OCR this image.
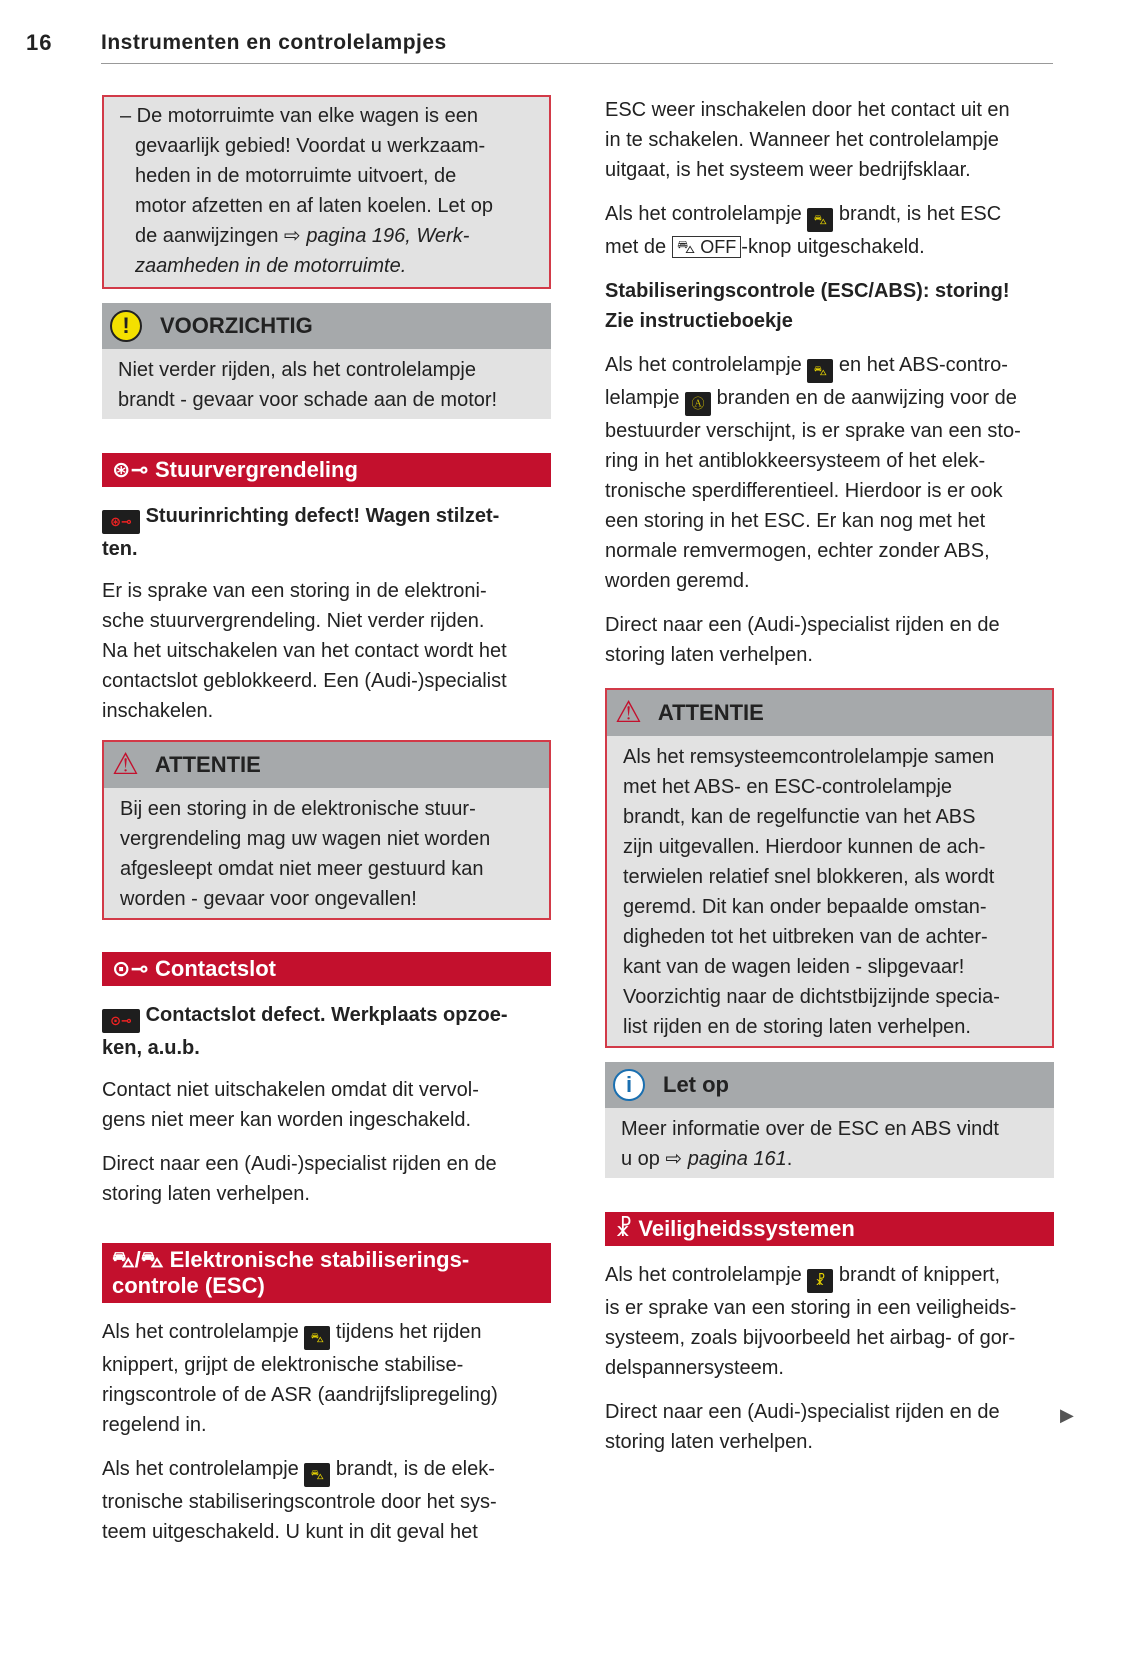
16 Instrumenten en controlelampjes
– De motorruimte van elke wagen is een
gevaarlijk gebied! Voordat u werkzaam-
heden in de motorruimte uitvoert, de
motor afzetten en af laten koelen. Let op
de aanwijzingen ⇨ pagina 196, Werk-
zaamheden in de motorruimte.
!	VOORZICHTIG
Niet verder rijden, als het controlelampje
brandt - gevaar voor schade aan de motor!
⊛⊸ Stuurvergrendeling
⊛⊸ Stuurinrichting defect! Wagen stilzet-
ten.
Er is sprake van een storing in de elektroni-
sche stuurvergrendeling. Niet verder rijden.
Na het uitschakelen van het contact wordt het
contactslot geblokkeerd. Een (Audi-)specialist
inschakelen.
⚠ ATTENTIE
Bij een storing in de elektronische stuur-
vergrendeling mag uw wagen niet worden
afgesleept omdat niet meer gestuurd kan
worden - gevaar voor ongevallen!
⊙⊸ Contactslot
⊙⊸ Contactslot defect. Werkplaats opzoe-
ken, a.u.b.
Contact niet uitschakelen omdat dit vervol-
gens niet meer kan worden ingeschakeld.
Direct naar een (Audi-)specialist rijden en de
storing laten verhelpen.
⛍/⛍ Elektronische stabiliserings-
controle (ESC)
Als het controlelampje ⛍ tijdens het rijden
knippert, grijpt de elektronische stabilise-
ringscontrole of de ASR (aandrijfslipregeling)
regelend in.
Als het controlelampje ⛍ brandt, is de elek-
tronische stabiliseringscontrole door het sys-
teem uitgeschakeld. U kunt in dit geval het
ESC weer inschakelen door het contact uit en
in te schakelen. Wanneer het controlelampje
uitgaat, is het systeem weer bedrijfsklaar.
Als het controlelampje ⛍ brandt, is het ESC
met de ⛍ OFF -knop uitgeschakeld.
Stabiliseringscontrole (ESC/ABS): storing!
Zie instructieboekje
Als het controlelampje ⛍ en het ABS-contro-
lelampje Ⓐ branden en de aanwijzing voor de
bestuurder verschijnt, is er sprake van een sto-
ring in het antiblokkeersysteem of het elek-
tronische sperdifferentieel. Hierdoor is er ook
een storing in het ESC. Er kan nog met het
normale remvermogen, echter zonder ABS,
worden geremd.
Direct naar een (Audi-)specialist rijden en de
storing laten verhelpen.
⚠ ATTENTIE
Als het remsysteemcontrolelampje samen
met het ABS- en ESC-controlelampje
brandt, kan de regelfunctie van het ABS
zijn uitgevallen. Hierdoor kunnen de ach-
terwielen relatief snel blokkeren, als wordt
geremd. Dit kan onder bepaalde omstan-
digheden tot het uitbreken van de achter-
kant van de wagen leiden - slipgevaar!
Voorzichtig naar de dichtstbijzijnde specia-
list rijden en de storing laten verhelpen.
i	Let op
Meer informatie over de ESC en ABS vindt
u op ⇨ pagina 161.
☧ Veiligheidssystemen
Als het controlelampje ☧ brandt of knippert,
is er sprake van een storing in een veiligheids-
systeem, zoals bijvoorbeeld het airbag- of gor-
delspannersysteem.
Direct naar een (Audi-)specialist rijden en de
storing laten verhelpen.
▶
